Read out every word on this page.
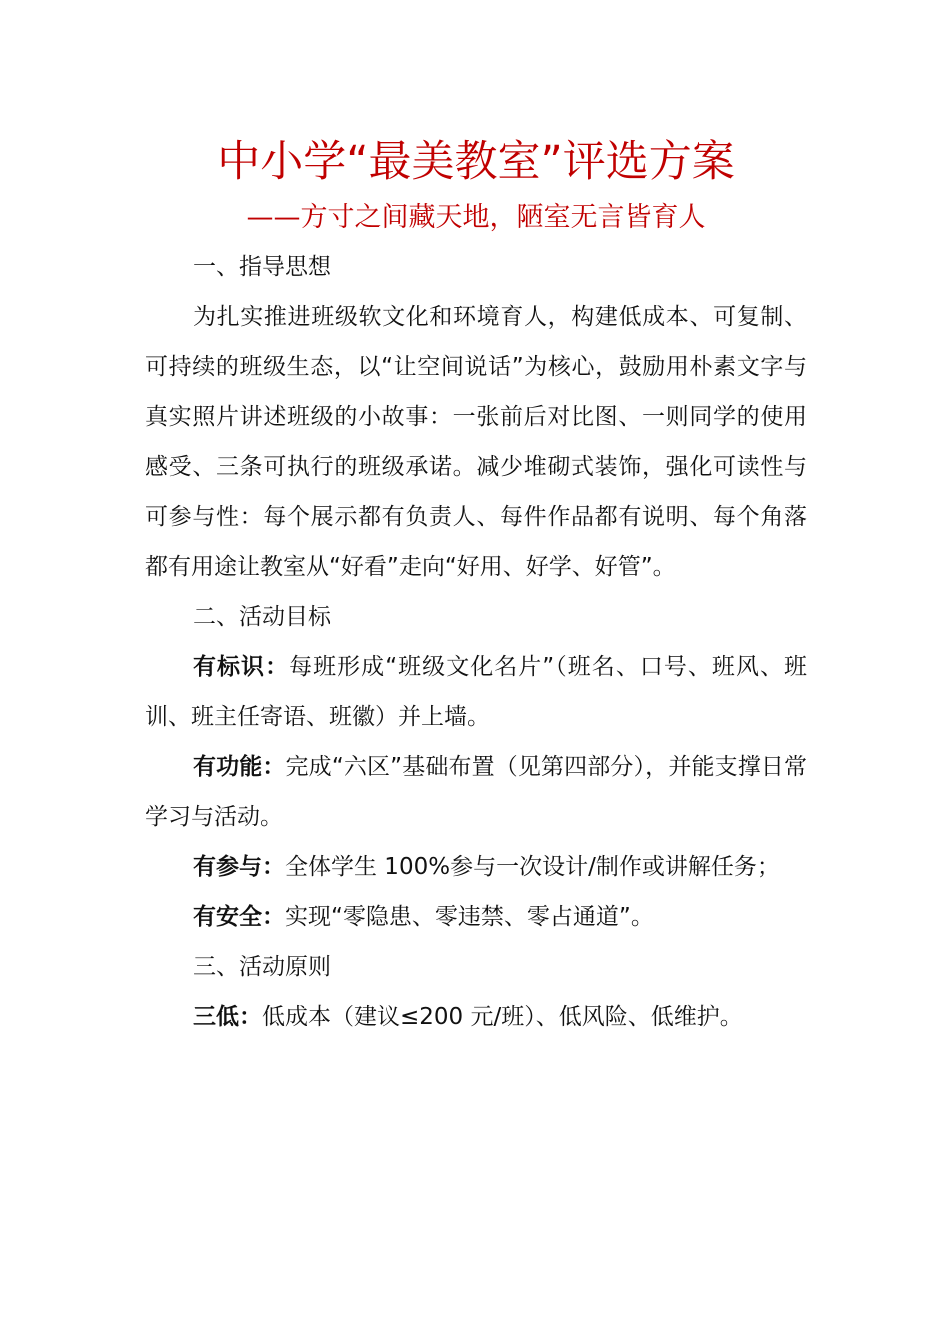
中小学“最美教室”评选方案
——方寸之间藏天地，陋室无言皆育人
一、指导思想

为扎实推进班级软文化和环境育人，构建低成本、可复制、可持续的班级生态，以“让空间说话”为核心，鼓励用朴素文字与真实照片讲述班级的小故事：一张前后对比图、一则同学的使用感受、三条可执行的班级承诺。减少堆砌式装饰，强化可读性与可参与性：每个展示都有负责人、每件作品都有说明、每个角落都有用途让教室从“好看”走向“好用、好学、好管”。

二、活动目标

有标识：每班形成“班级文化名片”（班名、口号、班风、班训、班主任寄语、班徽）并上墙。

有功能：完成“六区”基础布置（见第四部分），并能支撑日常学习与活动。

有参与：全体学生 100%参与一次设计/制作或讲解任务；

有安全：实现“零隐患、零违禁、零占通道”。

三、活动原则

三低：低成本（建议≤200 元/班）、低风险、低维护。
